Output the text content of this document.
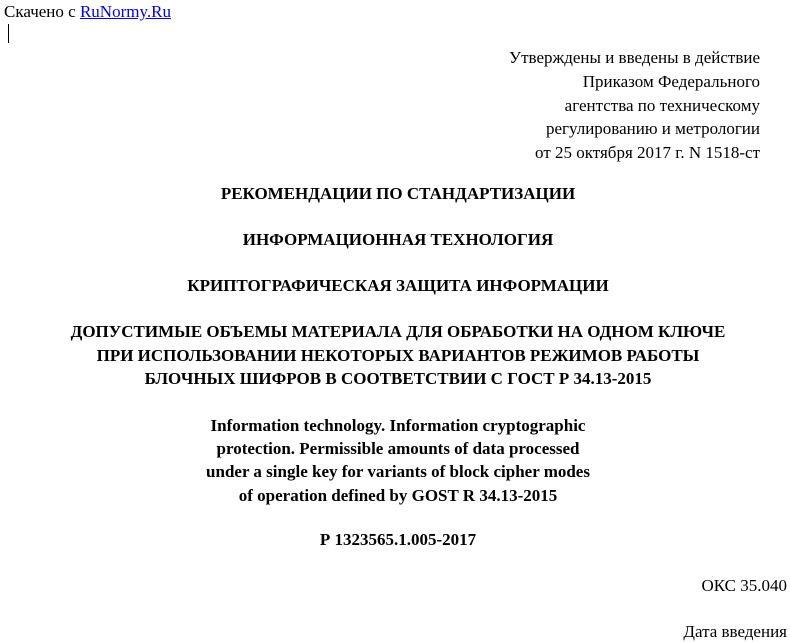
Скачено с RuNormy.Ru
Утверждены и введены в действие
Приказом Федерального
агентства по техническому
регулированию и метрологии
от 25 октября 2017 г. N 1518-ст
РЕКОМЕНДАЦИИ ПО СТАНДАРТИЗАЦИИ
ИНФОРМАЦИОННАЯ ТЕХНОЛОГИЯ
КРИПТОГРАФИЧЕСКАЯ ЗАЩИТА ИНФОРМАЦИИ
ДОПУСТИМЫЕ ОБЪЕМЫ МАТЕРИАЛА ДЛЯ ОБРАБОТКИ НА ОДНОМ КЛЮЧЕ
ПРИ ИСПОЛЬЗОВАНИИ НЕКОТОРЫХ ВАРИАНТОВ РЕЖИМОВ РАБОТЫ
БЛОЧНЫХ ШИФРОВ В СООТВЕТСТВИИ С ГОСТ Р 34.13-2015
Information technology. Information cryptographic
protection. Permissible amounts of data processed
under a single key for variants of block cipher modes
of operation defined by GOST R 34.13-2015
Р 1323565.1.005-2017
ОКС 35.040
Дата введения
